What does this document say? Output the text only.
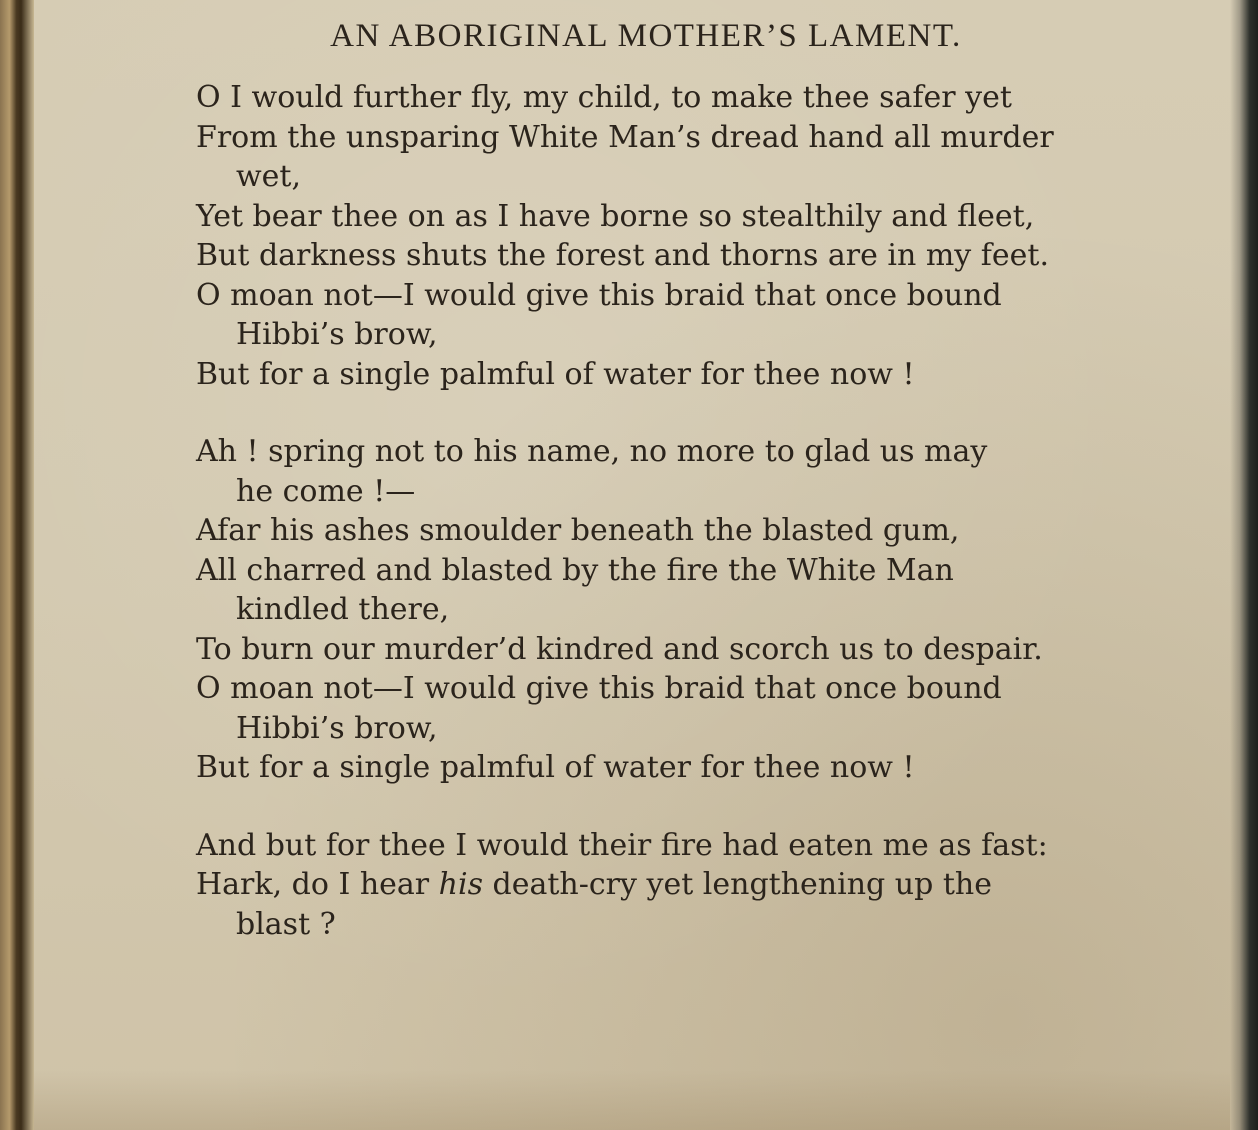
AN ABORIGINAL MOTHER’S LAMENT.
O I would further fly, my child, to make thee safer yet
From the unsparing White Man’s dread hand all murder
wet,
Yet bear thee on as I have borne so stealthily and fleet,
But darkness shuts the forest and thorns are in my feet.
O moan not—I would give this braid that once bound
Hibbi’s brow,
But for a single palmful of water for thee now !
Ah ! spring not to his name, no more to glad us may
he come !—
Afar his ashes smoulder beneath the blasted gum,
All charred and blasted by the fire the White Man
kindled there,
To burn our murder’d kindred and scorch us to despair.
O moan not—I would give this braid that once bound
Hibbi’s brow,
But for a single palmful of water for thee now !
And but for thee I would their fire had eaten me as fast:
Hark, do I hear his death-cry yet lengthening up the
blast ?
